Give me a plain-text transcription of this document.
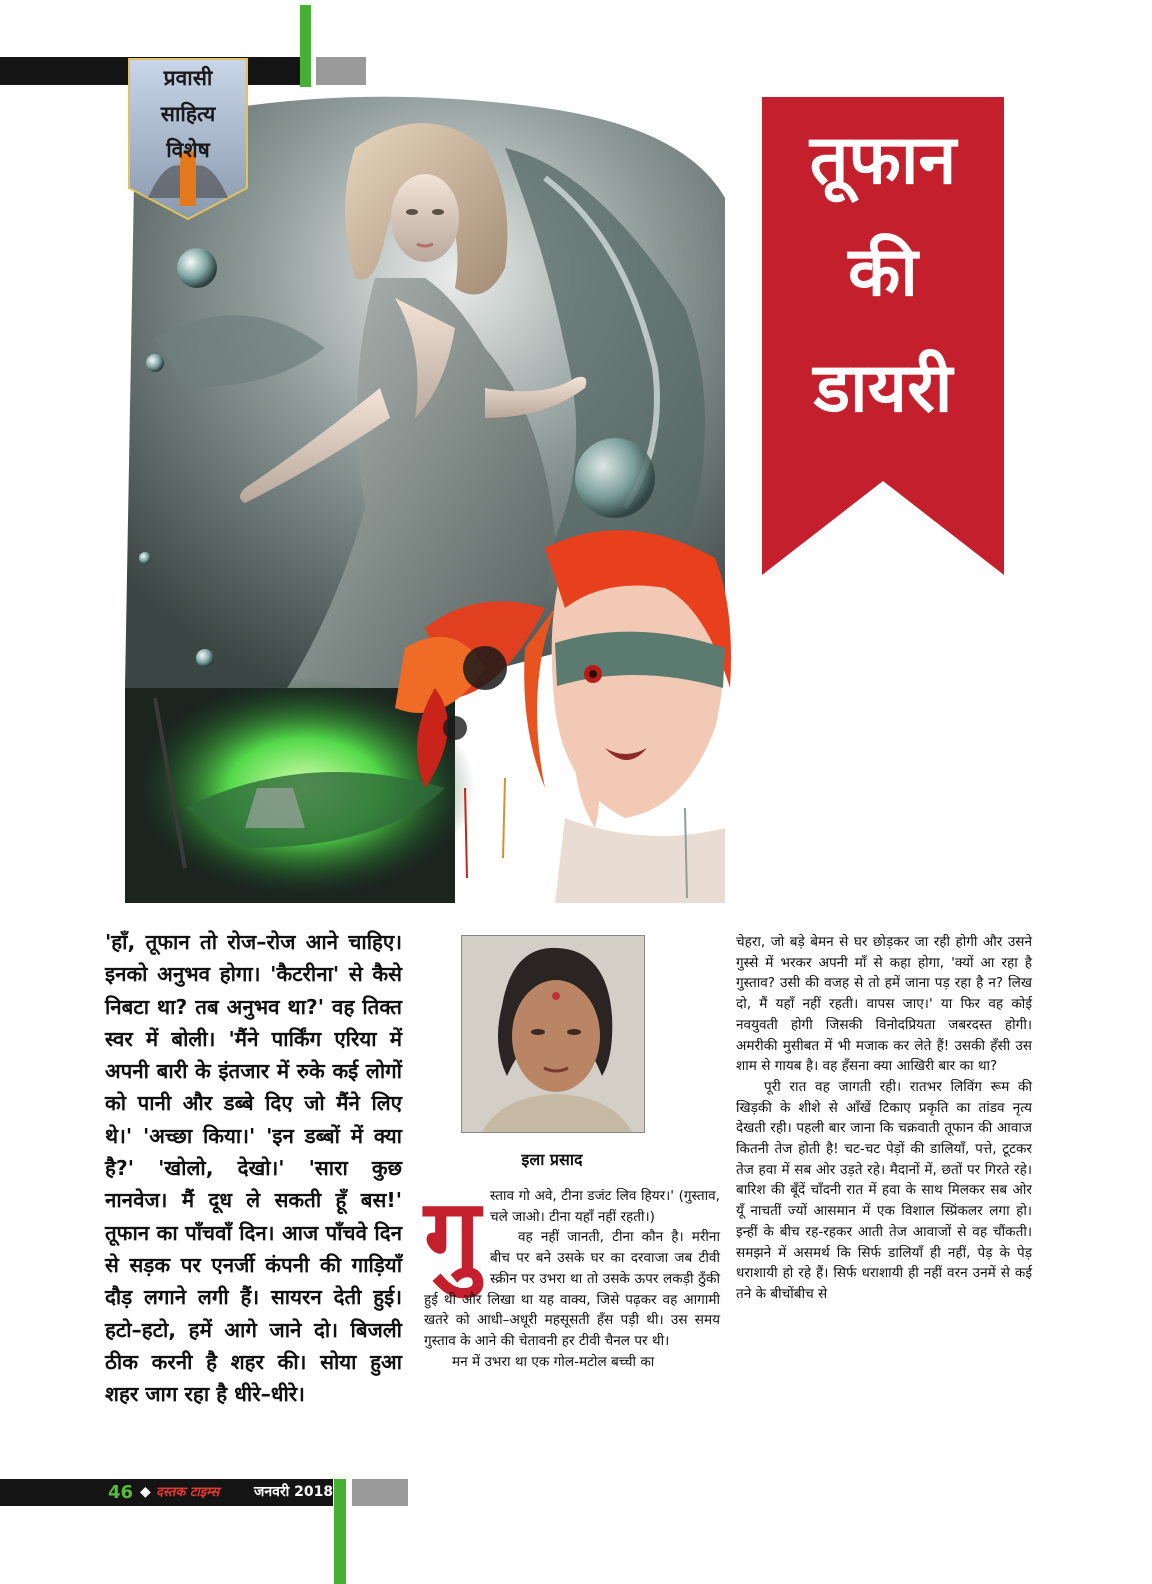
प्रवासी
साहित्य
विशेष	तूफान
की
डायरी
'हाँ, तूफान तो रोज–रोज आने चाहिए। इनको अनुभव होगा। 'कैटरीना' से कैसे निबटा था? तब अनुभव था?' वह तिक्त स्वर में बोली। 'मैंने पार्किंग एरिया में अपनी बारी के इंतजार में रुके कई लोगों को पानी और डब्बे दिए जो मैंने लिए थे।' 'अच्छा किया।' 'इन डब्बों में क्या है?' 'खोलो, देखो।' 'सारा कुछ नानवेज। मैं दूध ले सकती हूँ बस!' तूफान का पाँचवाँ दिन। आज पाँचवे दिन से सड़क पर एनर्जी कंपनी की गाड़ियाँ दौड़ लगाने लगी हैं। सायरन देती हुई। हटो–हटो, हमें आगे जाने दो। बिजली ठीक करनी है शहर की। सोया हुआ शहर जाग रहा है धीरे–धीरे।
इला प्रसाद
गु स्ताव गो अवे, टीना डजंट लिव हियर।' (गुस्ताव, चले जाओ। टीना यहाँ नहीं रहती।)

वह नहीं जानती, टीना कौन है। मरीना बीच पर बने उसके घर का दरवाजा जब टीवी स्क्रीन पर उभरा था तो उसके ऊपर लकड़ी ठुँकी हुई थी और लिखा था यह वाक्य, जिसे पढ़कर वह आगामी खतरे को आधी–अधूरी महसूसती हँस पड़ी थी। उस समय गुस्ताव के आने की चेतावनी हर टीवी चैनल पर थी।

मन में उभरा था एक गोल-मटोल बच्ची का

चेहरा, जो बड़े बेमन से घर छोड़कर जा रही होगी और उसने गुस्से में भरकर अपनी माँ से कहा होगा, 'क्यों आ रहा है गुस्ताव? उसी की वजह से तो हमें जाना पड़ रहा है न? लिख दो, मैं यहाँ नहीं रहती। वापस जाए।' या फिर वह कोई नवयुवती होगी जिसकी विनोदप्रियता जबरदस्त होगी। अमरीकी मुसीबत में भी मजाक कर लेते हैं! उसकी हँसी उस शाम से गायब है। वह हँसना क्या आखिरी बार का था?

पूरी रात वह जागती रही। रातभर लिविंग रूम की खिड़की के शीशे से आँखें टिकाए प्रकृति का तांडव नृत्य देखती रही। पहली बार जाना कि चक्रवाती तूफान की आवाज कितनी तेज होती है! चट-चट पेड़ों की डालियाँ, पत्ते, टूटकर तेज हवा में सब ओर उड़ते रहे। मैदानों में, छतों पर गिरते रहे। बारिश की बूँदें चाँदनी रात में हवा के साथ मिलकर सब ओर यूँ नाचतीं ज्यों आसमान में एक विशाल स्प्रिंकलर लगा हो। इन्हीं के बीच रह-रहकर आती तेज आवाजों से वह चौंकती। समझने में असमर्थ कि सिर्फ डालियाँ ही नहीं, पेड़ के पेड़ धराशायी हो रहे हैं। सिर्फ धराशायी ही नहीं वरन उनमें से कई तने के बीचोंबीच से

46 ◆ दस्तक टाइम्स जनवरी 2018
